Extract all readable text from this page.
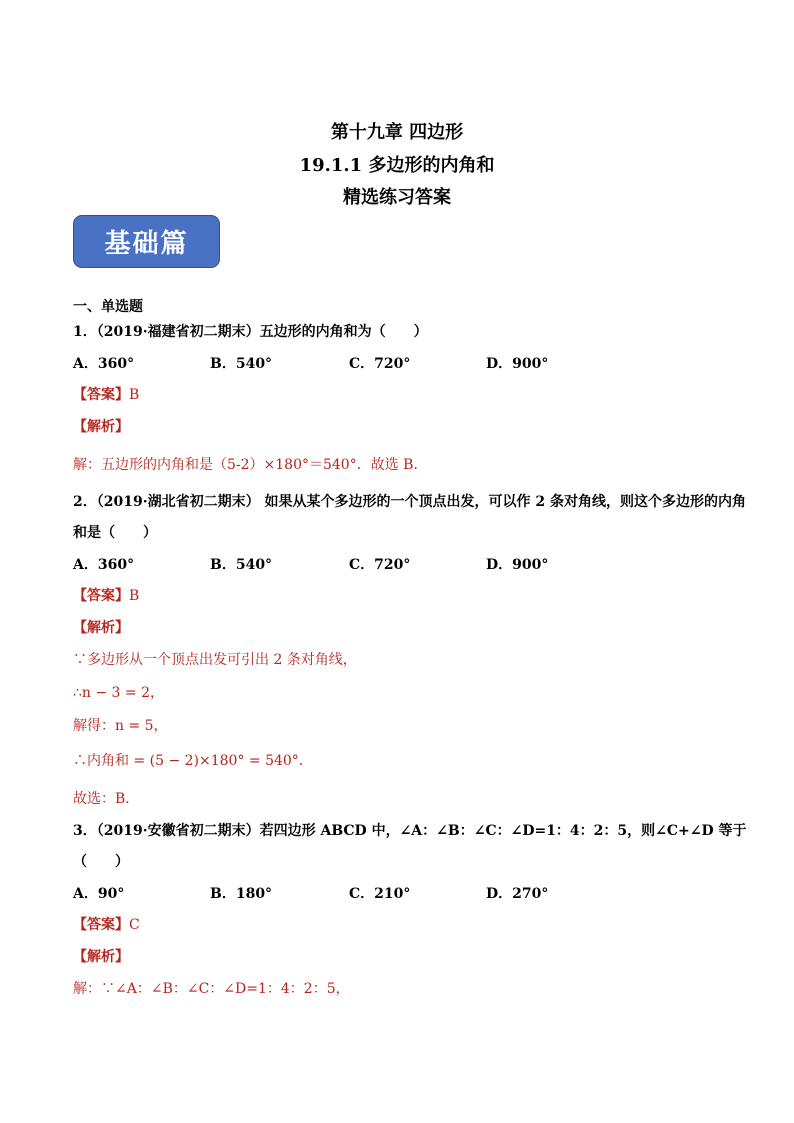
第十九章 四边形
19.1.1 多边形的内角和
精选练习答案
基础篇
一、单选题
1．（2019·福建省初二期末）五边形的内角和为（　　）
A．360°	B．540°	C．720°	D．900°
【答案】B
【解析】
解：五边形的内角和是（5-2）×180°＝540°．故选 B．
2．（2019·湖北省初二期末） 如果从某个多边形的一个顶点出发，可以作 2 条对角线，则这个多边形的内角
和是（　　）
A．360°	B．540°	C．720°	D．900°
【答案】B
【解析】
∵多边形从一个顶点出发可引出 2 条对角线，
∴n − 3 = 2，
解得：n = 5，
∴内角和 = (5 − 2)×180° = 540°．
故选：B．
3．（2019·安徽省初二期末）若四边形 ABCD 中，∠A：∠B：∠C：∠D=1：4：2：5，则∠C+∠D 等于
（　　）
A．90°	B．180°	C．210°	D．270°
【答案】C
【解析】
解：∵∠A：∠B：∠C：∠D=1：4：2：5，
